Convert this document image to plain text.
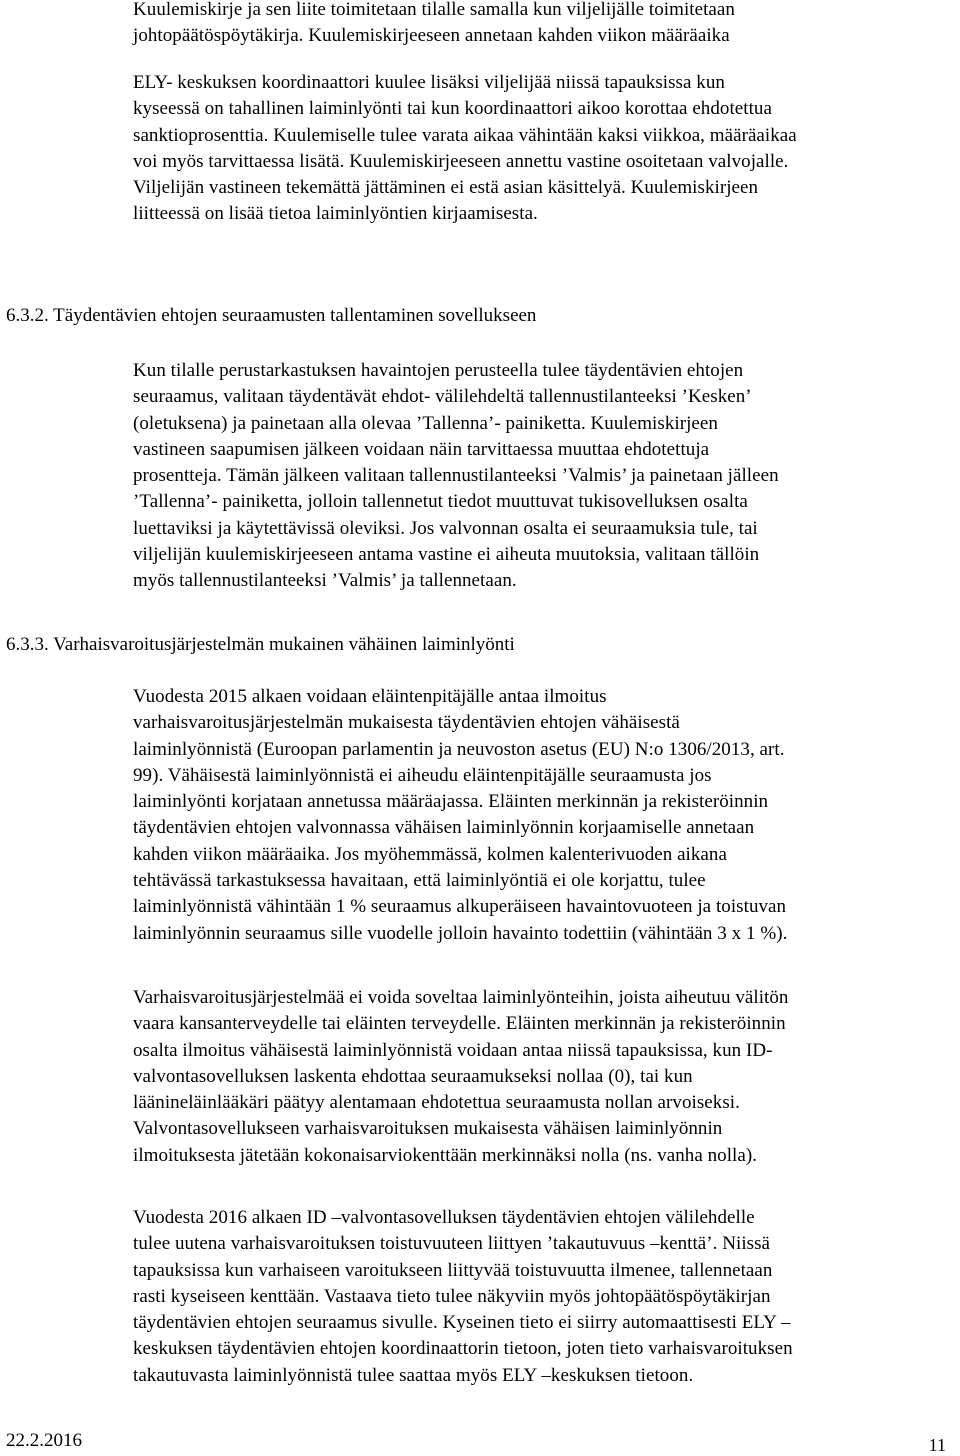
Kuulemiskirje ja sen liite toimitetaan tilalle samalla kun viljelijälle toimitetaan
johtopäätöspöytäkirja. Kuulemiskirjeeseen annetaan kahden viikon määräaika
ELY- keskuksen koordinaattori kuulee lisäksi viljelijää niissä tapauksissa kun
kyseessä on tahallinen laiminlyönti tai kun koordinaattori aikoo korottaa ehdotettua
sanktioprosenttia. Kuulemiselle tulee varata aikaa vähintään kaksi viikkoa, määräaikaa
voi myös tarvittaessa lisätä. Kuulemiskirjeeseen annettu vastine osoitetaan valvojalle.
Viljelijän vastineen tekemättä jättäminen ei estä asian käsittelyä. Kuulemiskirjeen
liitteessä on lisää tietoa laiminlyöntien kirjaamisesta.
6.3.2. Täydentävien ehtojen seuraamusten tallentaminen sovellukseen
Kun tilalle perustarkastuksen havaintojen perusteella tulee täydentävien ehtojen
seuraamus, valitaan täydentävät ehdot- välilehdeltä tallennustilanteeksi ’Kesken’
(oletuksena) ja painetaan alla olevaa ’Tallenna’- painiketta. Kuulemiskirjeen
vastineen saapumisen jälkeen voidaan näin tarvittaessa muuttaa ehdotettuja
prosentteja. Tämän jälkeen valitaan tallennustilanteeksi ’Valmis’ ja painetaan jälleen
’Tallenna’- painiketta, jolloin tallennetut tiedot muuttuvat tukisovelluksen osalta
luettaviksi ja käytettävissä oleviksi. Jos valvonnan osalta ei seuraamuksia tule, tai
viljelijän kuulemiskirjeeseen antama vastine ei aiheuta muutoksia, valitaan tällöin
myös tallennustilanteeksi ’Valmis’ ja tallennetaan.
6.3.3. Varhaisvaroitusjärjestelmän mukainen vähäinen laiminlyönti
Vuodesta 2015 alkaen voidaan eläintenpitäjälle antaa ilmoitus
varhaisvaroitusjärjestelmän mukaisesta täydentävien ehtojen vähäisestä
laiminlyönnistä (Euroopan parlamentin ja neuvoston asetus (EU) N:o 1306/2013, art.
99). Vähäisestä laiminlyönnistä ei aiheudu eläintenpitäjälle seuraamusta jos
laiminlyönti korjataan annetussa määräajassa. Eläinten merkinnän ja rekisteröinnin
täydentävien ehtojen valvonnassa vähäisen laiminlyönnin korjaamiselle annetaan
kahden viikon määräaika. Jos myöhemmässä, kolmen kalenterivuoden aikana
tehtävässä tarkastuksessa havaitaan, että laiminlyöntiä ei ole korjattu, tulee
laiminlyönnistä vähintään 1 % seuraamus alkuperäiseen havaintovuoteen ja toistuvan
laiminlyönnin seuraamus sille vuodelle jolloin havainto todettiin (vähintään 3 x 1 %).
Varhaisvaroitusjärjestelmää ei voida soveltaa laiminlyönteihin, joista aiheutuu välitön
vaara kansanterveydelle tai eläinten terveydelle. Eläinten merkinnän ja rekisteröinnin
osalta ilmoitus vähäisestä laiminlyönnistä voidaan antaa niissä tapauksissa, kun ID-
valvontasovelluksen laskenta ehdottaa seuraamukseksi nollaa (0), tai kun
läänineläinlääkäri päätyy alentamaan ehdotettua seuraamusta nollan arvoiseksi.
Valvontasovellukseen varhaisvaroituksen mukaisesta vähäisen laiminlyönnin
ilmoituksesta jätetään kokonaisarviokenttään merkinnäksi nolla (ns. vanha nolla).
Vuodesta 2016 alkaen ID –valvontasovelluksen täydentävien ehtojen välilehdelle
tulee uutena varhaisvaroituksen toistuvuuteen liittyen ’takautuvuus –kenttä’. Niissä
tapauksissa kun varhaiseen varoitukseen liittyvää toistuvuutta ilmenee, tallennetaan
rasti kyseiseen kenttään. Vastaava tieto tulee näkyviin myös johtopäätöspöytäkirjan
täydentävien ehtojen seuraamus sivulle. Kyseinen tieto ei siirry automaattisesti ELY –
keskuksen täydentävien ehtojen koordinaattorin tietoon, joten tieto varhaisvaroituksen
takautuvasta laiminlyönnistä tulee saattaa myös ELY –keskuksen tietoon.
22.2.2016	11
